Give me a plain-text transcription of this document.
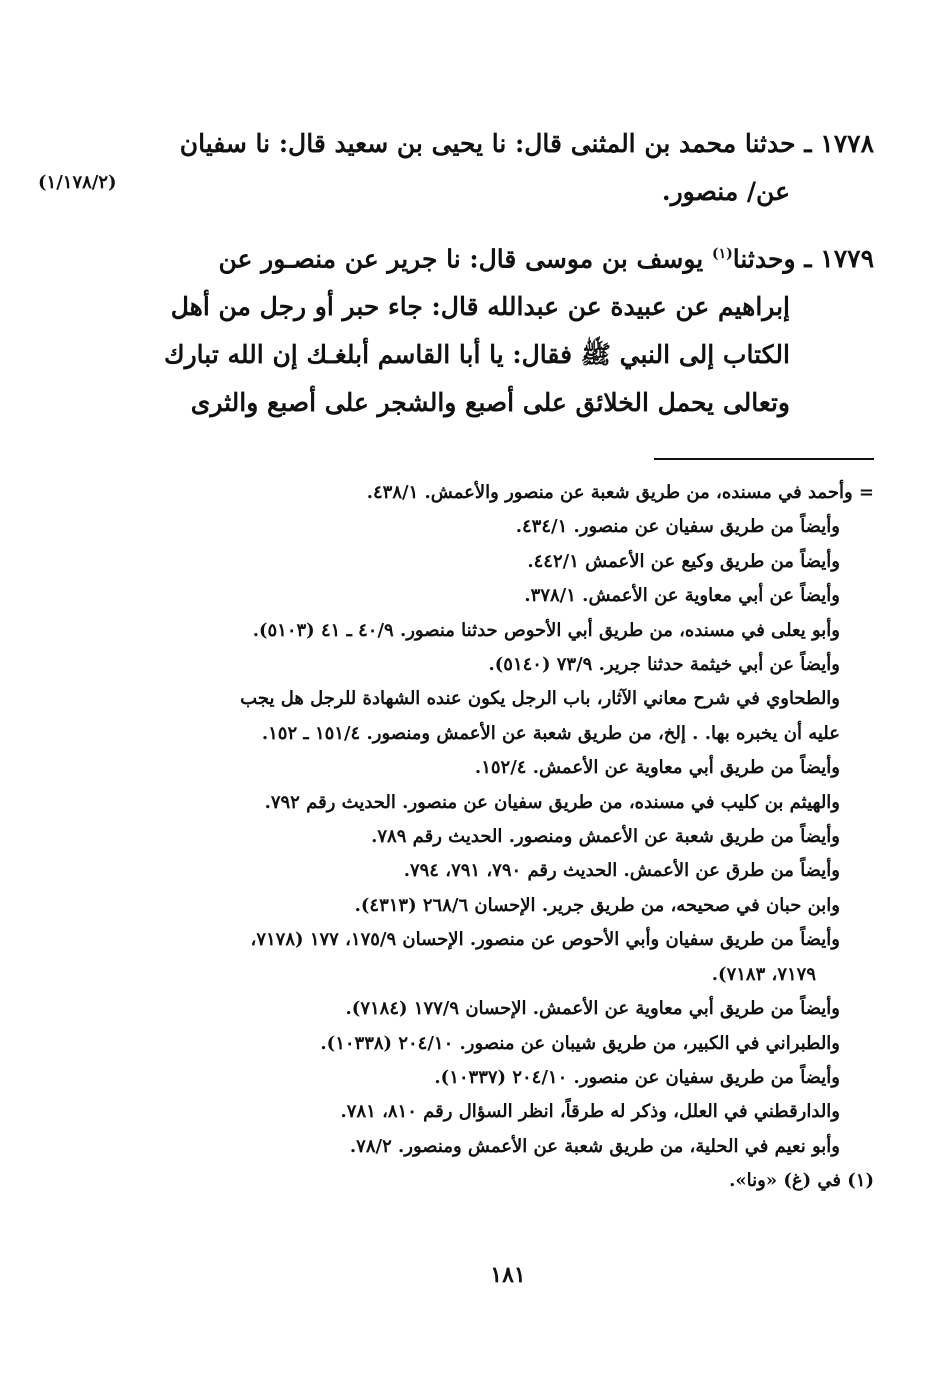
١٧٧٨ ـ حدثنا محمد بن المثنى قال: نا يحيى بن سعيد قال: نا سفيان
عن/ منصور.
(١/١٧٨/٢)
١٧٧٩ ـ وحدثنا$^{(١)}$ يوسف بن موسى قال: نا جرير عن منصـور عن
إبراهيم عن عبيدة عن عبدالله قال: جاء حبر أو رجل من أهل
الكتاب إلى النبي ﷺ فقال: يا أبا القاسم أبلغـك إن الله تبارك
وتعالى يحمل الخلائق على أصبع والشجر على أصبع والثرى
= وأحمد في مسنده، من طريق شعبة عن منصور والأعمش. ٤٣٨/١.
وأيضاً من طريق سفيان عن منصور. ٤٣٤/١.
وأيضاً من طريق وكيع عن الأعمش ٤٤٢/١.
وأيضاً عن أبي معاوية عن الأعمش. ٣٧٨/١.
وأبو يعلى في مسنده، من طريق أبي الأحوص حدثنا منصور. ٤٠/٩ ـ ٤١ (٥١٠٣).
وأيضاً عن أبي خيثمة حدثنا جرير. ٧٣/٩ (٥١٤٠).
والطحاوي في شرح معاني الآثار، باب الرجل يكون عنده الشهادة للرجل هل يجب
عليه أن يخبره بها. . إلخ، من طريق شعبة عن الأعمش ومنصور. ١٥١/٤ ـ ١٥٢.
وأيضاً من طريق أبي معاوية عن الأعمش. ١٥٢/٤.
والهيثم بن كليب في مسنده، من طريق سفيان عن منصور. الحديث رقم ٧٩٢.
وأيضاً من طريق شعبة عن الأعمش ومنصور. الحديث رقم ٧٨٩.
وأيضاً من طرق عن الأعمش. الحديث رقم ٧٩٠، ٧٩١، ٧٩٤.
وابن حبان في صحيحه، من طريق جرير. الإحسان ٢٦٨/٦ (٤٣١٣).
وأيضاً من طريق سفيان وأبي الأحوص عن منصور. الإحسان ١٧٥/٩، ١٧٧ (٧١٧٨،
٧١٧٩، ٧١٨٣).
وأيضاً من طريق أبي معاوية عن الأعمش. الإحسان ١٧٧/٩ (٧١٨٤).
والطبراني في الكبير، من طريق شيبان عن منصور. ٢٠٤/١٠ (١٠٣٣٨).
وأيضاً من طريق سفيان عن منصور. ٢٠٤/١٠ (١٠٣٣٧).
والدارقطني في العلل، وذكر له طرقاً، انظر السؤال رقم ٨١٠، ٧٨١.
وأبو نعيم في الحلية، من طريق شعبة عن الأعمش ومنصور. ٧٨/٢.
(١) في (غ) «ونا».
١٨١
